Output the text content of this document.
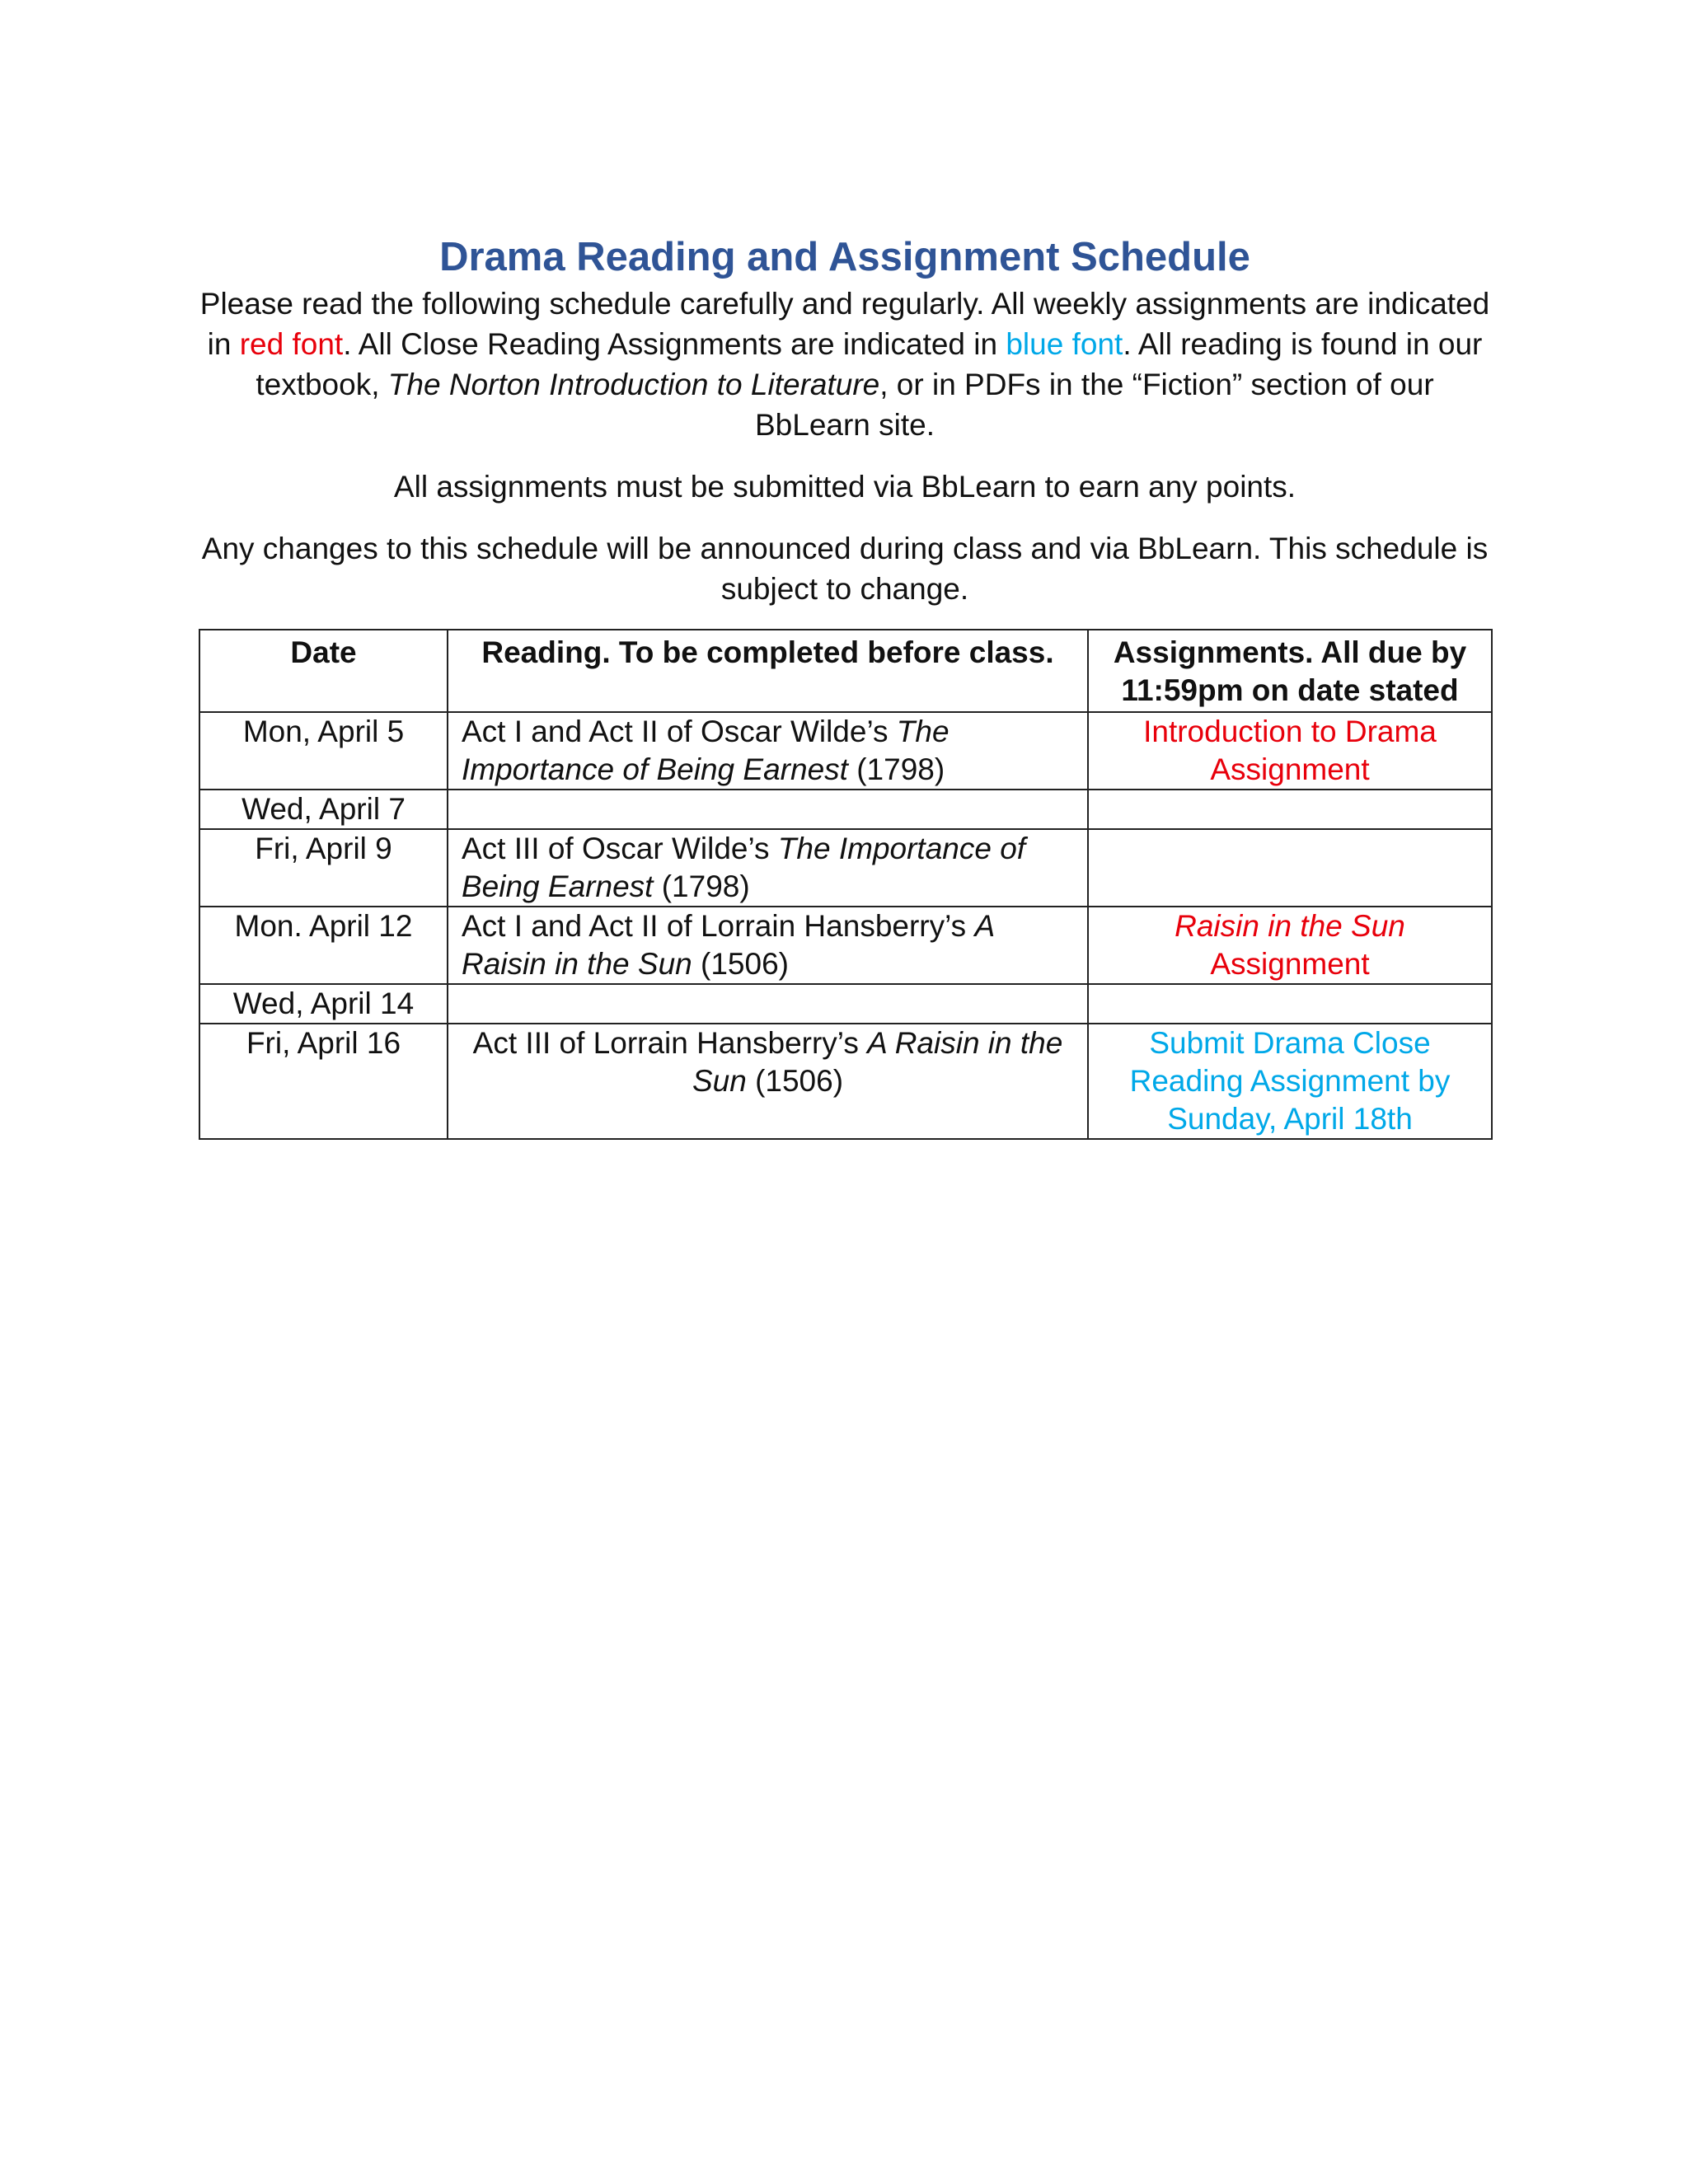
Drama Reading and Assignment Schedule

Please read the following schedule carefully and regularly. All weekly assignments are indicated in red font. All Close Reading Assignments are indicated in blue font. All reading is found in our textbook, The Norton Introduction to Literature, or in PDFs in the “Fiction” section of our BbLearn site.

All assignments must be submitted via BbLearn to earn any points.

Any changes to this schedule will be announced during class and via BbLearn. This schedule is subject to change.

Date	Reading. To be completed before class.	Assignments. All due by 11:59pm on date stated
Mon, April 5	Act I and Act II of Oscar Wilde’s The Importance of Being Earnest (1798)	Introduction to Drama Assignment
Wed, April 7		
Fri, April 9	Act III of Oscar Wilde’s The Importance of Being Earnest (1798)	
Mon. April 12	Act I and Act II of Lorrain Hansberry’s A Raisin in the Sun (1506)	Raisin in the Sun Assignment
Wed, April 14		
Fri, April 16	Act III of Lorrain Hansberry’s A Raisin in the Sun (1506)	Submit Drama Close Reading Assignment by Sunday, April 18th
